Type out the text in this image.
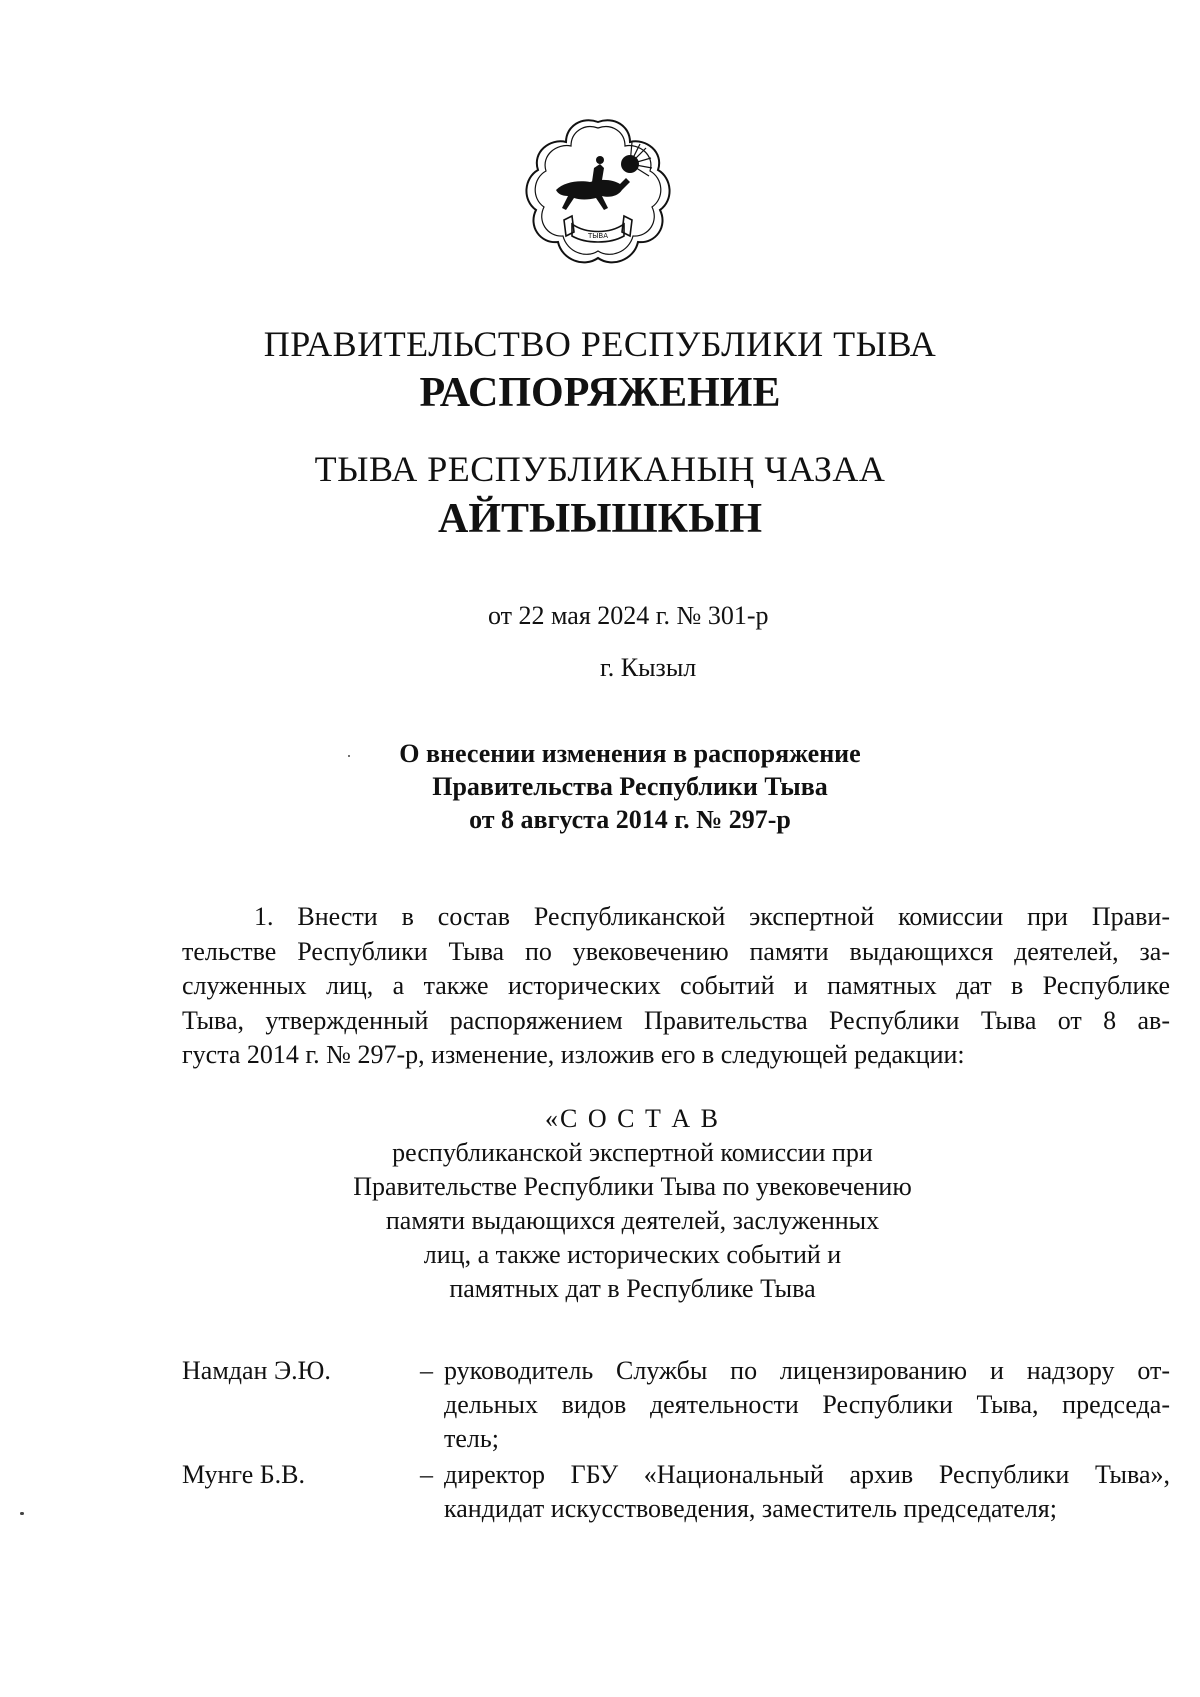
ТЫВА
ПРАВИТЕЛЬСТВО РЕСПУБЛИКИ ТЫВА
РАСПОРЯЖЕНИЕ
ТЫВА РЕСПУБЛИКАНЫҢ ЧАЗАА
АЙТЫЫШКЫН
от 22 мая 2024 г. № 301-р
г. Кызыл
О внесении изменения в распоряжение
Правительства Республики Тыва
от 8 августа 2014 г. № 297-р
1. Внести в состав Республиканской экспертной комиссии при Прави-
тельстве Республики Тыва по увековечению памяти выдающихся деятелей, за-
служенных лиц, а также исторических событий и памятных дат в Республике
Тыва, утвержденный распоряжением Правительства Республики Тыва от 8 ав-
густа 2014 г. № 297-р, изменение, изложив его в следующей редакции:
«С О С Т А В
республиканской экспертной комиссии при
Правительстве Республики Тыва по увековечению
памяти выдающихся деятелей, заслуженных
лиц, а также исторических событий и
памятных дат в Республике Тыва
Намдан Э.Ю.	– руководитель Службы по лицензированию и надзору от-
дельных видов деятельности Республики Тыва, председа-
тель;
Мунге Б.В.	– директор ГБУ «Национальный архив Республики Тыва»,
кандидат искусствоведения, заместитель председателя;
